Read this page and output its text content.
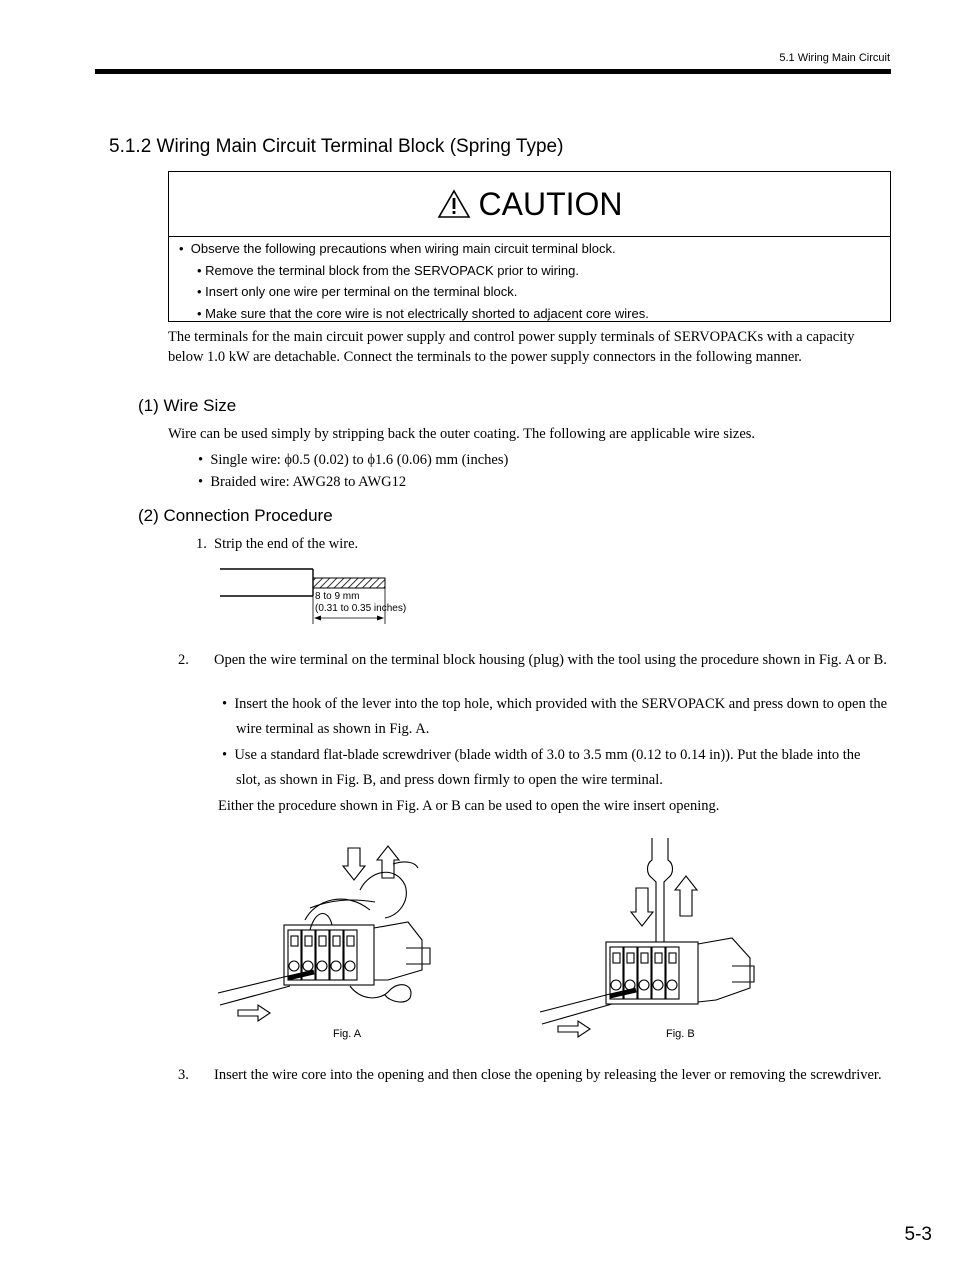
5.1 Wiring Main Circuit
5.1.2 Wiring Main Circuit Terminal Block (Spring Type)
CAUTION
•  Observe the following precautions when wiring main circuit terminal block.
• Remove the terminal block from the SERVOPACK prior to wiring.
• Insert only one wire per terminal on the terminal block.
• Make sure that the core wire is not electrically shorted to adjacent core wires.
The terminals for the main circuit power supply and control power supply terminals of SERVOPACKs with a capacity below 1.0 kW are detachable. Connect the terminals to the power supply connectors in the following manner.
(1) Wire Size
Wire can be used simply by stripping back the outer coating. The following are applicable wire sizes.
•  Single wire: ϕ0.5 (0.02) to ϕ1.6 (0.06) mm (inches)
•  Braided wire: AWG28 to AWG12
(2) Connection Procedure
1. Strip the end of the wire.
8 to 9 mm
(0.31 to 0.35 inches)
2. Open the wire terminal on the terminal block housing (plug) with the tool using the procedure shown in Fig. A or B.
•  Insert the hook of the lever into the top hole, which provided with the SERVOPACK and press down to open the wire terminal as shown in Fig. A.
•  Use a standard flat-blade screwdriver (blade width of 3.0 to 3.5 mm (0.12 to 0.14 in)). Put the blade into the slot, as shown in Fig. B, and press down firmly to open the wire terminal.
Either the procedure shown in Fig. A or B can be used to open the wire insert opening.
Fig. A	Fig. B
3. Insert the wire core into the opening and then close the opening by releasing the lever or removing the screwdriver.
5-3
